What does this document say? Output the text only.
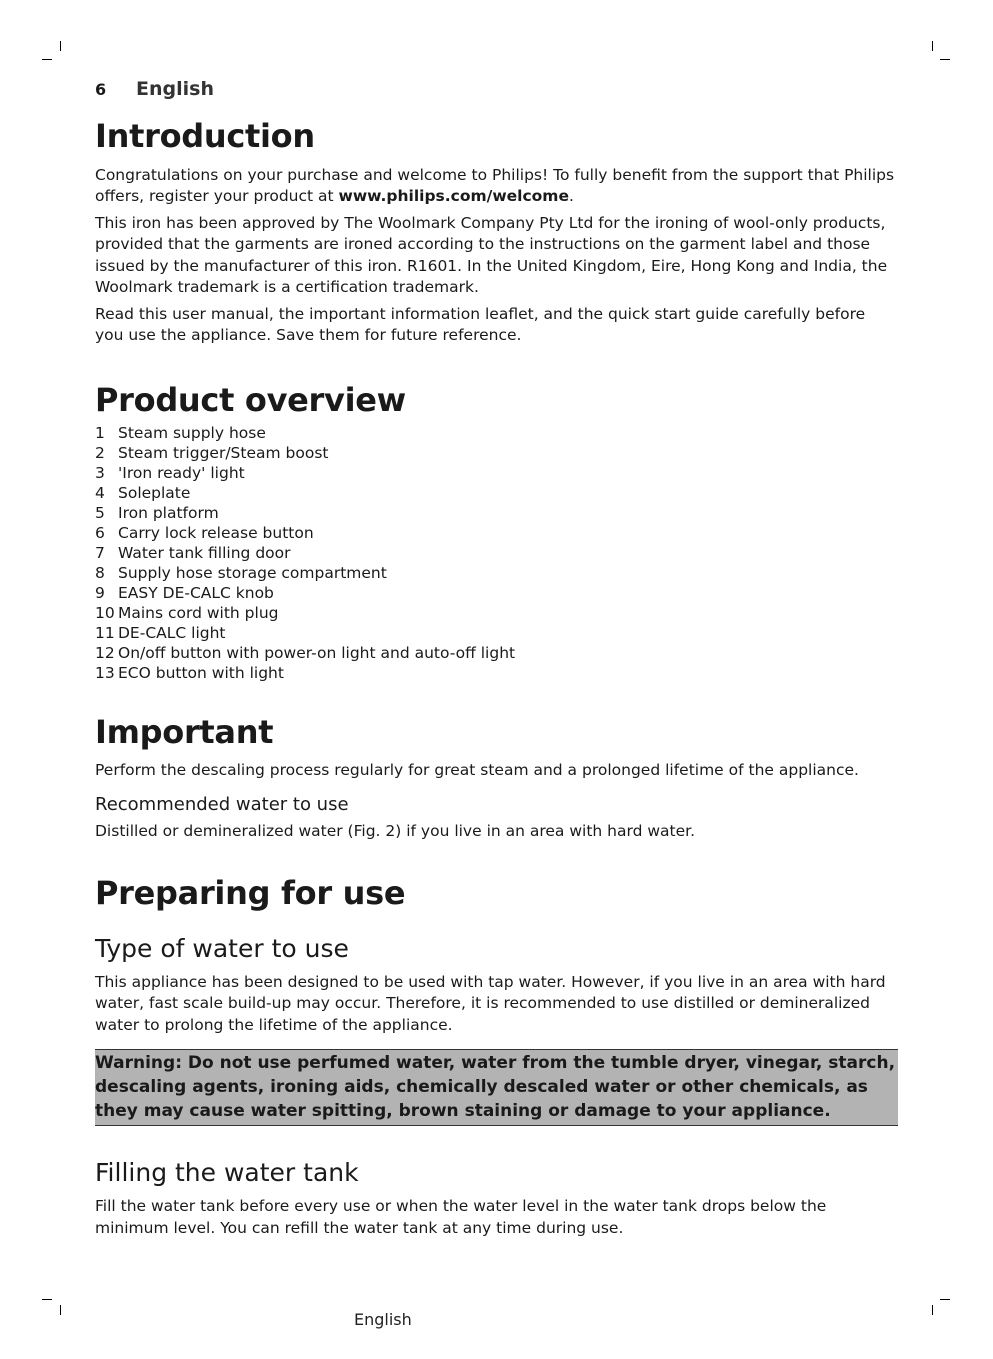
6	English
Introduction

Congratulations on your purchase and welcome to Philips! To fully benefit from the support that Philips offers, register your product at www.philips.com/welcome.

This iron has been approved by The Woolmark Company Pty Ltd for the ironing of wool-only products, provided that the garments are ironed according to the instructions on the garment label and those issued by the manufacturer of this iron. R1601. In the United Kingdom, Eire, Hong Kong and India, the Woolmark trademark is a certification trademark.

Read this user manual, the important information leaflet, and the quick start guide carefully before you use the appliance. Save them for future reference.

Product overview
1 Steam supply hose
2 Steam trigger/Steam boost
3 'Iron ready' light
4 Soleplate
5 Iron platform
6 Carry lock release button
7 Water tank filling door
8 Supply hose storage compartment
9 EASY DE-CALC knob
10 Mains cord with plug
11 DE-CALC light
12 On/off button with power-on light and auto-off light
13 ECO button with light
Important

Perform the descaling process regularly for great steam and a prolonged lifetime of the appliance.

Recommended water to use

Distilled or demineralized water (Fig. 2) if you live in an area with hard water.

Preparing for use
Type of water to use

This appliance has been designed to be used with tap water. However, if you live in an area with hard water, fast scale build-up may occur. Therefore, it is recommended to use distilled or demineralized water to prolong the lifetime of the appliance.

Warning: Do not use perfumed water, water from the tumble dryer, vinegar, starch, descaling agents, ironing aids, chemically descaled water or other chemicals, as they may cause water spitting, brown staining or damage to your appliance.
Filling the water tank

Fill the water tank before every use or when the water level in the water tank drops below the minimum level. You can refill the water tank at any time during use.

English
